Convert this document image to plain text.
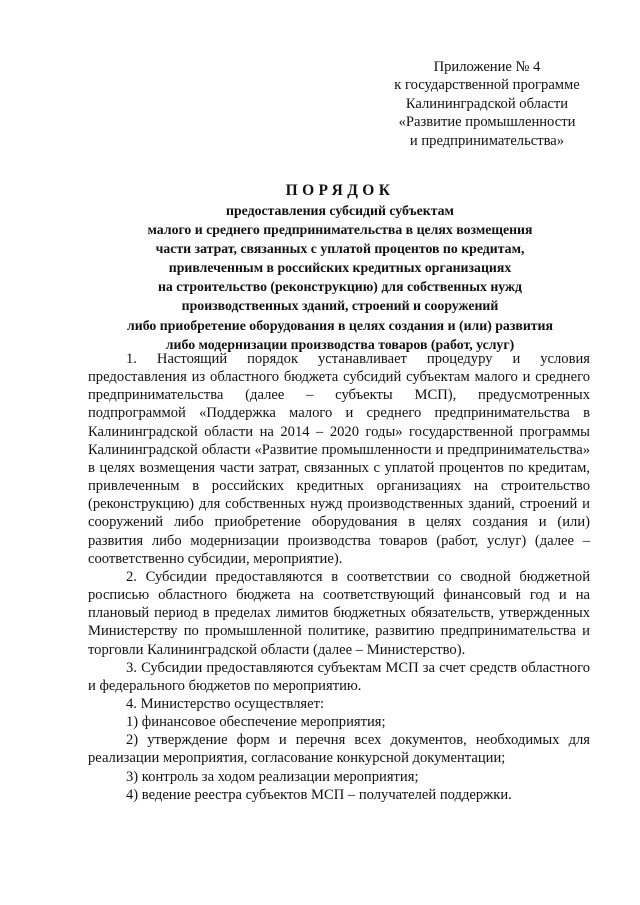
Приложение № 4
к государственной программе
Калининградской области
«Развитие промышленности
и предпринимательства»
ПОРЯДОК
предоставления субсидий субъектам
малого и среднего предпринимательства в целях возмещения
части затрат, связанных с уплатой процентов по кредитам,
привлеченным в российских кредитных организациях
на строительство (реконструкцию) для собственных нужд
производственных зданий, строений и сооружений
либо приобретение оборудования в целях создания и (или) развития
либо модернизации производства товаров (работ, услуг)

1. Настоящий порядок устанавливает процедуру и условия предоставления из областного бюджета субсидий субъектам малого и среднего предпринимательства (далее – субъекты МСП), предусмотренных подпрограммой «Поддержка малого и среднего предпринимательства в Калининградской области на 2014 – 2020 годы» государственной программы Калининградской области «Развитие промышленности и предпринимательства» в целях возмещения части затрат, связанных с уплатой процентов по кредитам, привлеченным в российских кредитных организациях на строительство (реконструкцию) для собственных нужд производственных зданий, строений и сооружений либо приобретение оборудования в целях создания и (или) развития либо модернизации производства товаров (работ, услуг) (далее – соответственно субсидии, мероприятие).

2. Субсидии предоставляются в соответствии со сводной бюджетной росписью областного бюджета на соответствующий финансовый год и на плановый период в пределах лимитов бюджетных обязательств, утвержденных Министерству по промышленной политике, развитию предпринимательства и торговли Калининградской области (далее – Министерство).

3. Субсидии предоставляются субъектам МСП за счет средств областного и федерального бюджетов по мероприятию.

4. Министерство осуществляет:

1) финансовое обеспечение мероприятия;

2) утверждение форм и перечня всех документов, необходимых для реализации мероприятия, согласование конкурсной документации;

3) контроль за ходом реализации мероприятия;

4) ведение реестра субъектов МСП – получателей поддержки.
